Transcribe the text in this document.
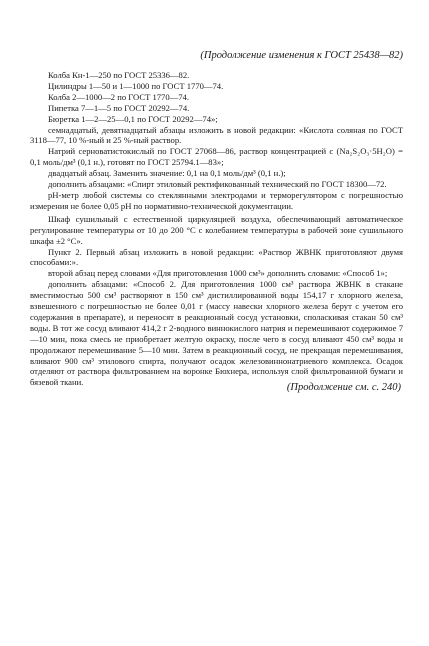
(Продолжение изменения к ГОСТ 25438—82)

Колба Кн-1—250 по ГОСТ 25336—82.

Цилиндры 1—50 и 1—1000 по ГОСТ 1770—74.

Колба 2—1000—2 по ГОСТ 1770—74.

Пипетка 7—1—5 по ГОСТ 20292—74.

Бюретка 1—2—25—0,1 по ГОСТ 20292—74»;

семнадцатый, девятнадцатый абзацы изложить в новой редакции: «Кислота соляная по ГОСТ 3118—77, 10 %-ный и 25 %-ный раствор.

Натрий серноватистокислый по ГОСТ 27068—86, раствор концентрацией с (Na₂S₂O₃·5H₂O) = 0,1 моль/дм³ (0,1 н.), готовят по ГОСТ 25794.1—83»;

двадцатый абзац. Заменить значение: 0,1 на 0,1 моль/дм³ (0,1 н.);

дополнить абзацами: «Спирт этиловый ректификованный технический по ГОСТ 18300—72.

pH-метр любой системы со стеклянными электродами и терморегулятором с погрешностью измерения не более 0,05 pH по нормативно-технической документации.

Шкаф сушильный с естественной циркуляцией воздуха, обеспечивающий автоматическое регулирование температуры от 10 до 200 °С с колебанием температуры в рабочей зоне сушильного шкафа ±2 °С».

Пункт 2. Первый абзац изложить в новой редакции: «Раствор ЖВНК приготовляют двумя способами:».

второй абзац перед словами «Для приготовления 1000 см³» дополнить словами: «Способ 1»;

дополнить абзацами: «Способ 2. Для приготовления 1000 см³ раствора ЖВНК в стакане вместимостью 500 см³ растворяют в 150 см³ дистиллированной воды 154,17 г хлорного железа, взвешенного с погрешностью не более 0,01 г (массу навески хлорного железа берут с учетом его содержания в препарате), и переносят в реакционный сосуд установки, споласкивая стакан 50 см³ воды. В тот же сосуд вливают 414,2 г 2-водного виннокислого натрия и перемешивают содержимое 7—10 мин, пока смесь не приобретает желтую окраску, после чего в сосуд вливают 450 см³ воды и продолжают перемешивание 5—10 мин. Затем в реакционный сосуд, не прекращая перемешивания, вливают 900 см³ этилового спирта, получают осадок железовиннонатриевого комплекса. Осадок отделяют от раствора фильтрованием на воронке Бюхнера, используя слой фильтрованной бумаги и бязевой ткани.	(Продолжение см. с. 240)
